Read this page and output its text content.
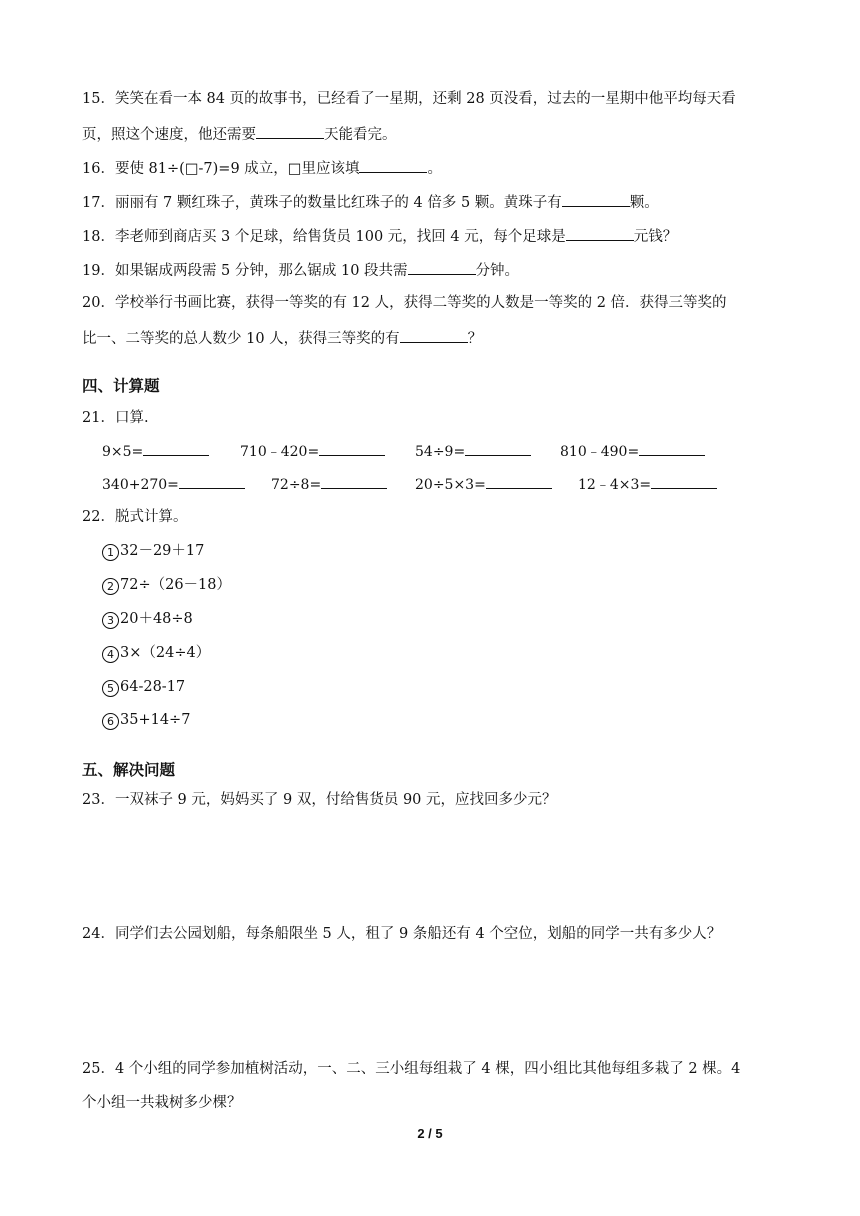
15．笑笑在看一本 84 页的故事书，已经看了一星期，还剩 28 页没看，过去的一星期中他平均每天看
页，照这个速度，他还需要	天能看完。
16．要使 81÷(□-7)=9 成立，□里应该填	。
17．丽丽有 7 颗红珠子，黄珠子的数量比红珠子的 4 倍多 5 颗。黄珠子有	颗。
18．李老师到商店买 3 个足球，给售货员 100 元，找回 4 元，每个足球是	元钱？
19．如果锯成两段需 5 分钟，那么锯成 10 段共需	分钟。
20．学校举行书画比赛，获得一等奖的有 12 人，获得二等奖的人数是一等奖的 2 倍．获得三等奖的
比一、二等奖的总人数少 10 人，获得三等奖的有	？
四、计算题
21．口算.
9×5=	710﹣420=	54÷9=	810﹣490=
340+270=	72÷8=	20÷5×3=	12﹣4×3=
22．脱式计算。
1 32－29＋17
2 72÷（26－18）
3 20＋48÷8
4 3×（24÷4）
5 64-28-17
6 35+14÷7
五、解决问题
23．一双袜子 9 元，妈妈买了 9 双，付给售货员 90 元，应找回多少元？
24．同学们去公园划船，每条船限坐 5 人，租了 9 条船还有 4 个空位，划船的同学一共有多少人？
25．4 个小组的同学参加植树活动，一、二、三小组每组栽了 4 棵，四小组比其他每组多栽了 2 棵。4
个小组一共栽树多少棵？
2 / 5
